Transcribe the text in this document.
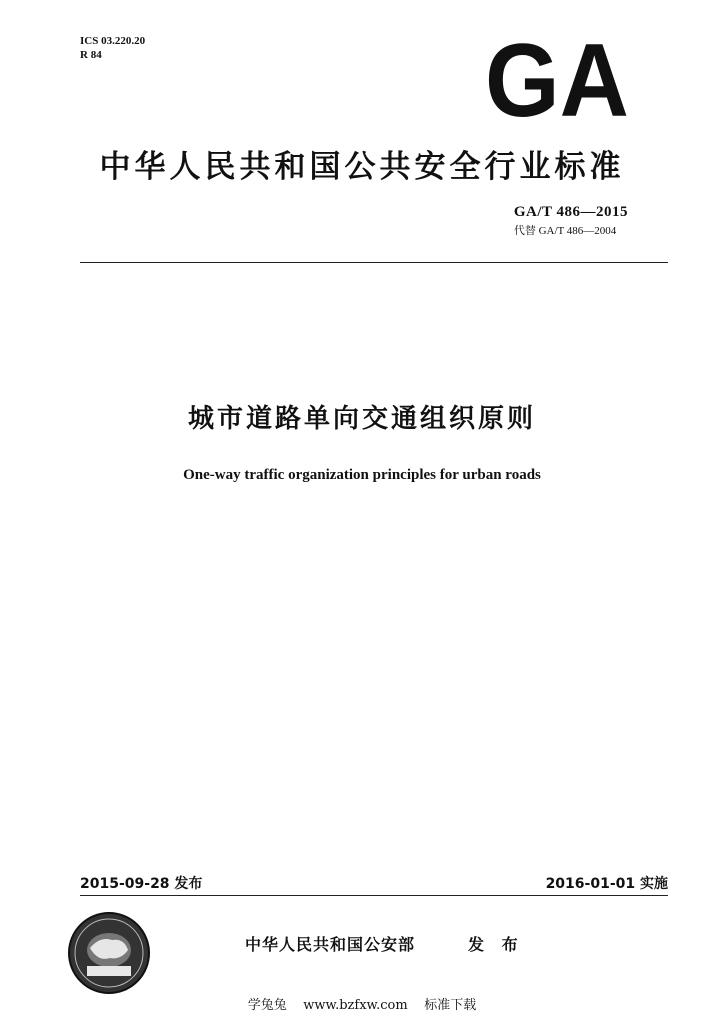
ICS 03.220.20
R 84	GA
中华人民共和国公共安全行业标准
GA/T 486—2015
代替 GA/T 486—2004
城市道路单向交通组织原则
One-way traffic organization principles for urban roads
2015-09-28 发布	2016-01-01 实施
中华人民共和国公安部	发 布
学兔兔 www.bzfxw.com 标准下载
